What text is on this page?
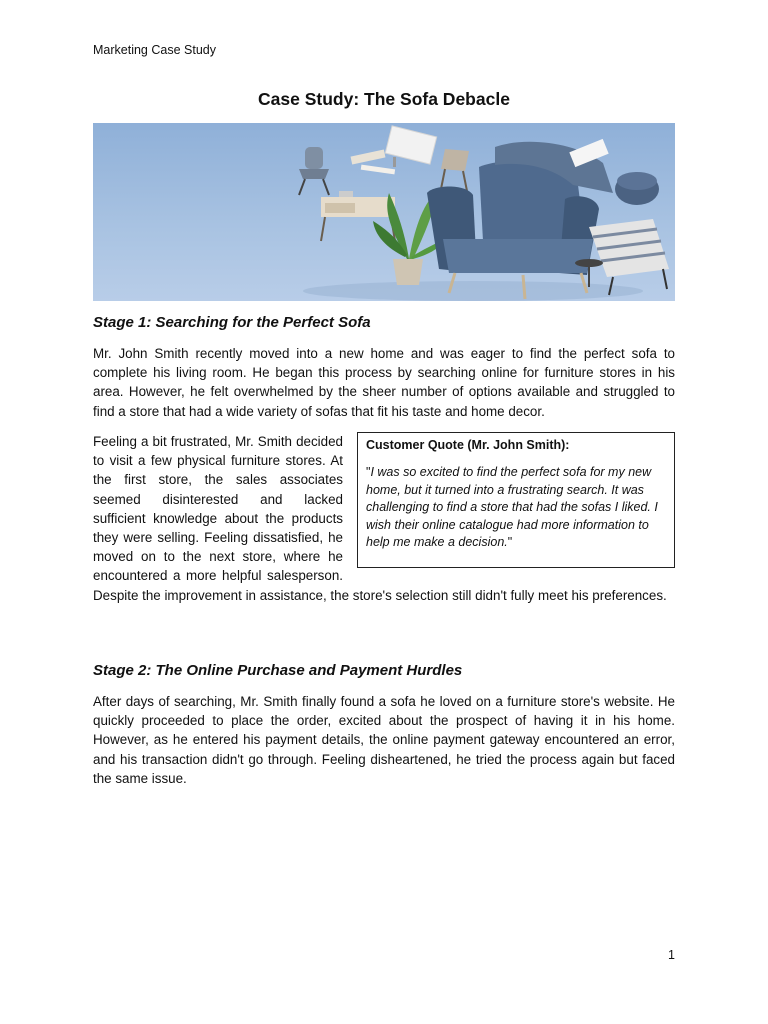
Marketing Case Study
Case Study: The Sofa Debacle
Stage 1: Searching for the Perfect Sofa

Mr. John Smith recently moved into a new home and was eager to find the perfect sofa to complete his living room. He began this process by searching online for furniture stores in his area. However, he felt overwhelmed by the sheer number of options available and struggled to find a store that had a wide variety of sofas that fit his taste and home decor.

Customer Quote (Mr. John Smith):
"I was so excited to find the perfect sofa for my new home, but it turned into a frustrating search. It was challenging to find a store that had the sofas I liked. I wish their online catalogue had more information to help me make a decision."
Feeling a bit frustrated, Mr. Smith decided to visit a few physical furniture stores. At the first store, the sales associates seemed disinterested and lacked sufficient knowledge about the products they were selling. Feeling dissatisfied, he moved on to the next store, where he encountered a more helpful salesperson. Despite the improvement in assistance, the store's selection still didn't fully meet his preferences.
Stage 2: The Online Purchase and Payment Hurdles

After days of searching, Mr. Smith finally found a sofa he loved on a furniture store's website. He quickly proceeded to place the order, excited about the prospect of having it in his home. However, as he entered his payment details, the online payment gateway encountered an error, and his transaction didn't go through. Feeling disheartened, he tried the process again but faced the same issue.

1
